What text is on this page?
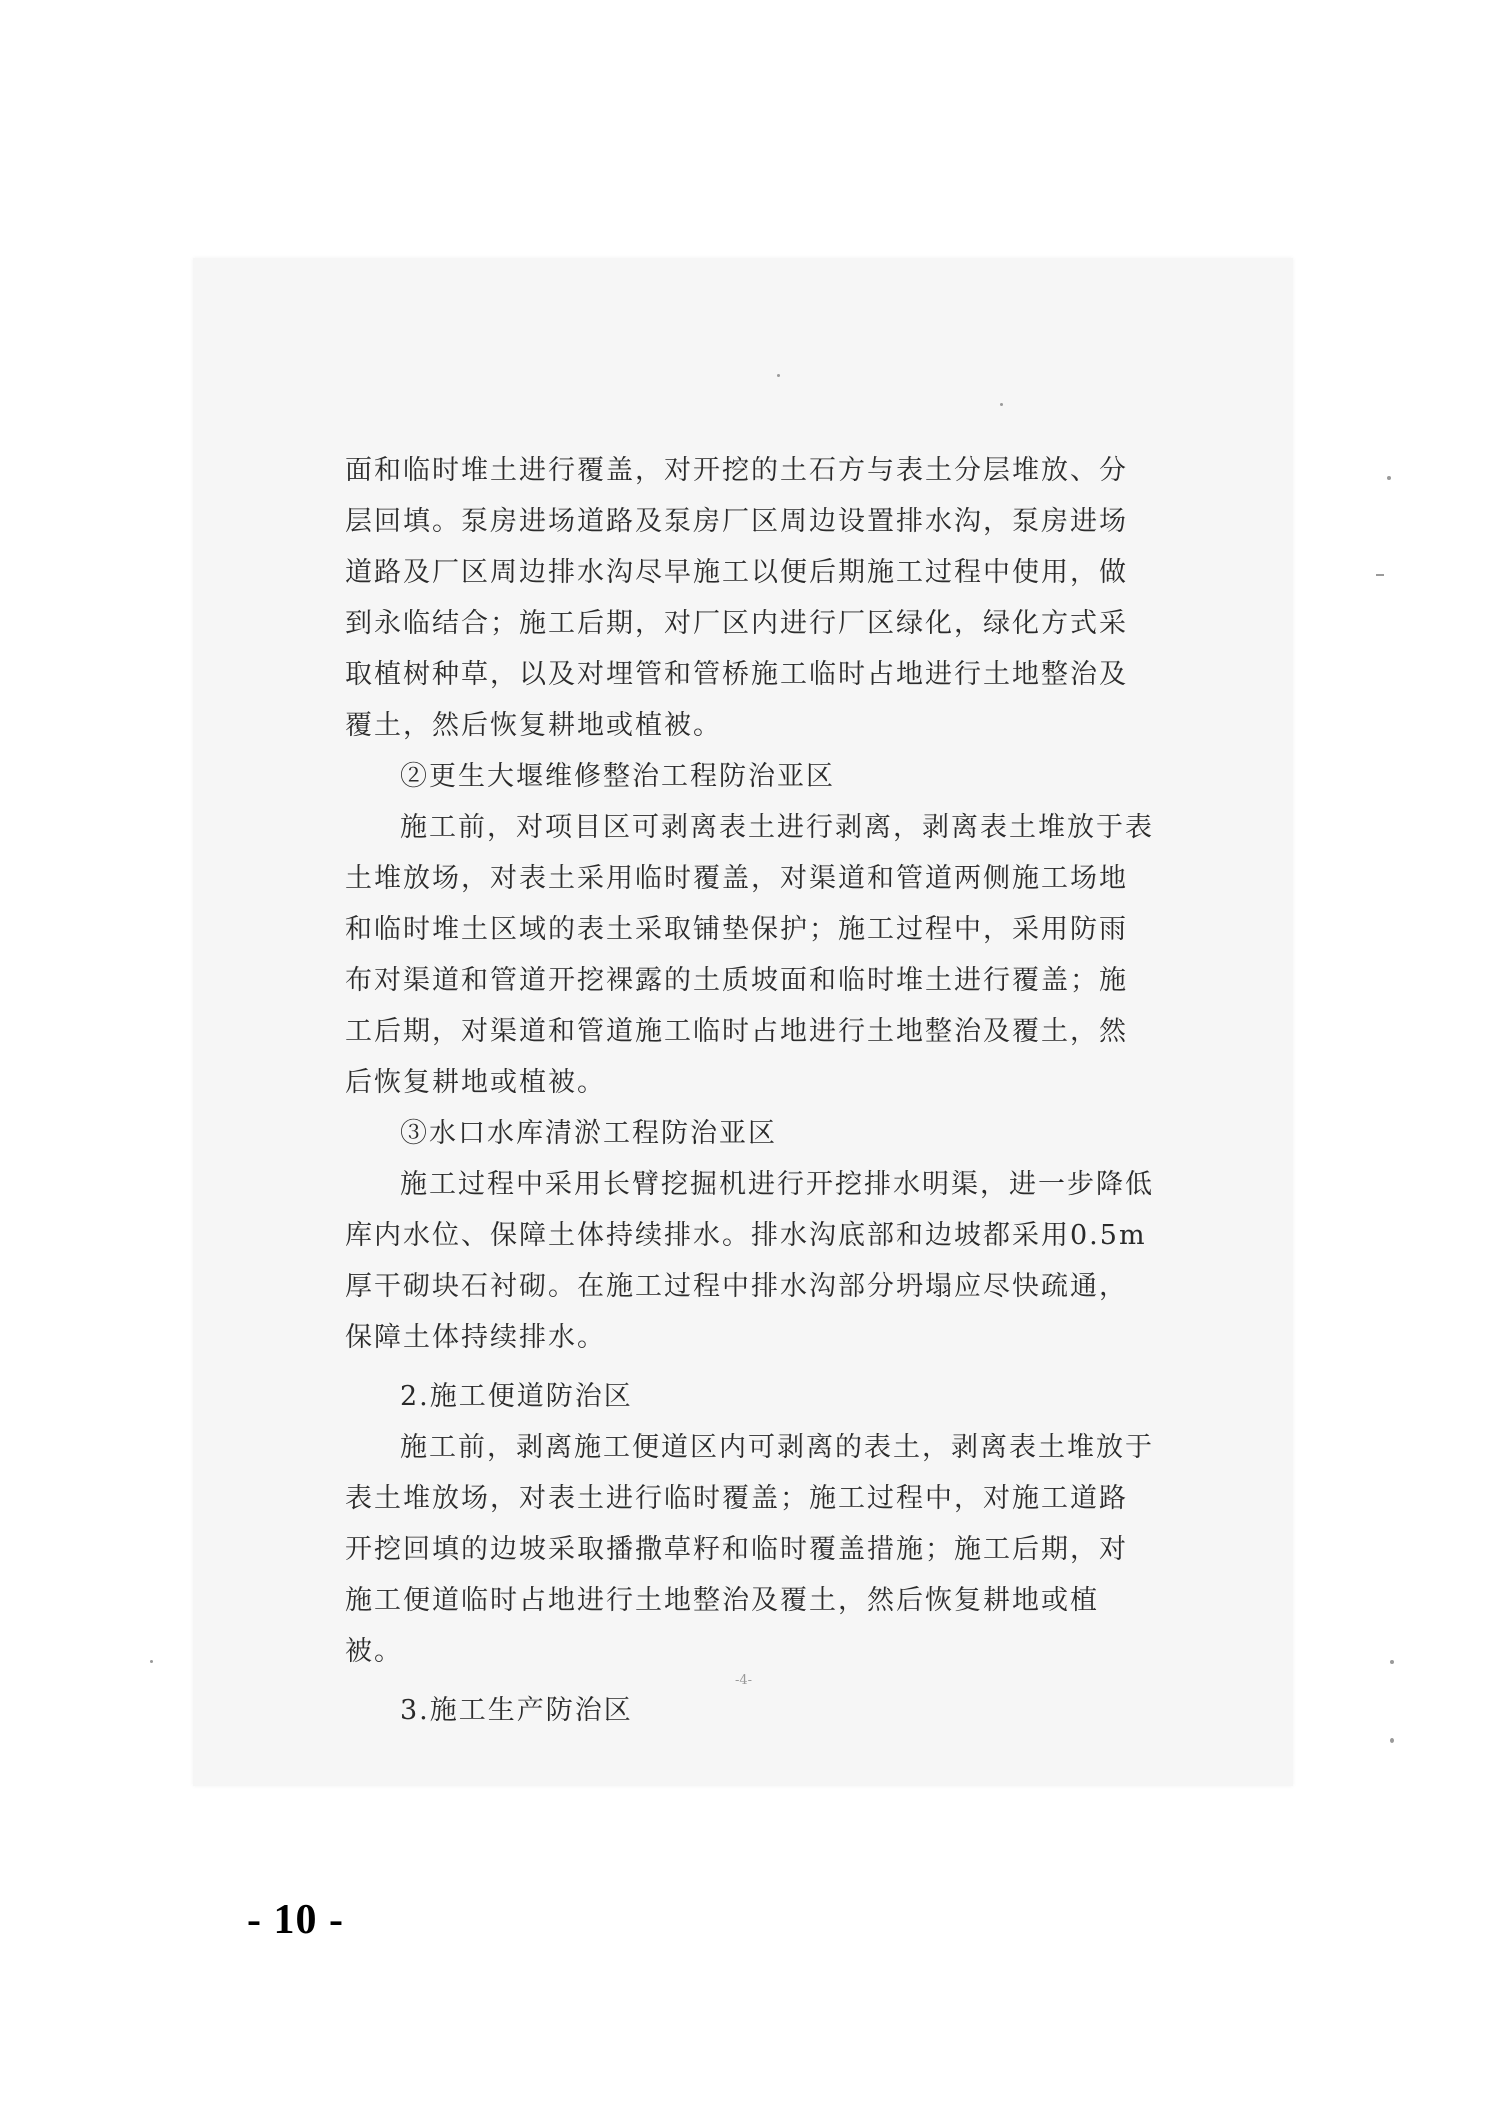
面和临时堆土进行覆盖，对开挖的土石方与表土分层堆放、分层回填。泵房进场道路及泵房厂区周边设置排水沟，泵房进场道路及厂区周边排水沟尽早施工以便后期施工过程中使用，做到永临结合；施工后期，对厂区内进行厂区绿化，绿化方式采取植树种草，以及对埋管和管桥施工临时占地进行土地整治及覆土，然后恢复耕地或植被。

②更生大堰维修整治工程防治亚区

施工前，对项目区可剥离表土进行剥离，剥离表土堆放于表土堆放场，对表土采用临时覆盖，对渠道和管道两侧施工场地和临时堆土区域的表土采取铺垫保护；施工过程中，采用防雨布对渠道和管道开挖裸露的土质坡面和临时堆土进行覆盖；施工后期，对渠道和管道施工临时占地进行土地整治及覆土，然后恢复耕地或植被。

③水口水库清淤工程防治亚区

施工过程中采用长臂挖掘机进行开挖排水明渠，进一步降低库内水位、保障土体持续排水。排水沟底部和边坡都采用0.5m厚干砌块石衬砌。在施工过程中排水沟部分坍塌应尽快疏通，保障土体持续排水。

2.施工便道防治区

施工前，剥离施工便道区内可剥离的表土，剥离表土堆放于表土堆放场，对表土进行临时覆盖；施工过程中，对施工道路开挖回填的边坡采取播撒草籽和临时覆盖措施；施工后期，对施工便道临时占地进行土地整治及覆土，然后恢复耕地或植被。

3.施工生产防治区

-4-
- 10 -
